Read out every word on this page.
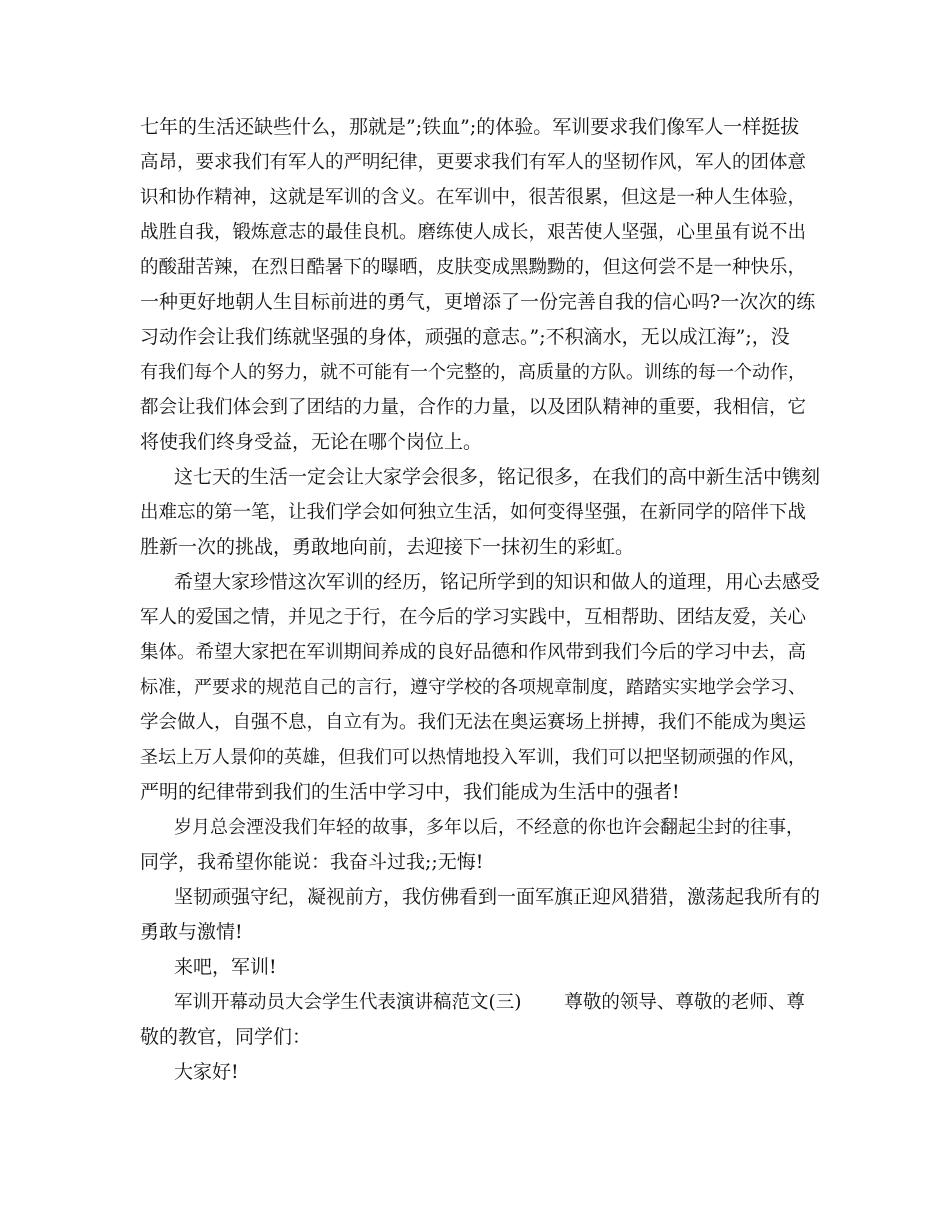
七年的生活还缺些什么，那就是”;铁血”;的体验。军训要求我们像军人一样挺拔
高昂，要求我们有军人的严明纪律，更要求我们有军人的坚韧作风，军人的团体意
识和协作精神，这就是军训的含义。在军训中，很苦很累，但这是一种人生体验，
战胜自我，锻炼意志的最佳良机。磨练使人成长，艰苦使人坚强，心里虽有说不出
的酸甜苦辣，在烈日酷暑下的曝晒，皮肤变成黑黝黝的，但这何尝不是一种快乐，
一种更好地朝人生目标前进的勇气，更增添了一份完善自我的信心吗?一次次的练
习动作会让我们练就坚强的身体，顽强的意志。”;不积滴水，无以成江海”;，没
有我们每个人的努力，就不可能有一个完整的，高质量的方队。训练的每一个动作，
都会让我们体会到了团结的力量，合作的力量，以及团队精神的重要，我相信，它
将使我们终身受益，无论在哪个岗位上。
这七天的生活一定会让大家学会很多，铭记很多，在我们的高中新生活中镌刻
出难忘的第一笔，让我们学会如何独立生活，如何变得坚强，在新同学的陪伴下战
胜新一次的挑战，勇敢地向前，去迎接下一抹初生的彩虹。
希望大家珍惜这次军训的经历，铭记所学到的知识和做人的道理，用心去感受
军人的爱国之情，并见之于行，在今后的学习实践中，互相帮助、团结友爱，关心
集体。希望大家把在军训期间养成的良好品德和作风带到我们今后的学习中去，高
标准，严要求的规范自己的言行，遵守学校的各项规章制度，踏踏实实地学会学习、
学会做人，自强不息，自立有为。我们无法在奥运赛场上拼搏，我们不能成为奥运
圣坛上万人景仰的英雄，但我们可以热情地投入军训，我们可以把坚韧顽强的作风，
严明的纪律带到我们的生活中学习中，我们能成为生活中的强者!
岁月总会湮没我们年轻的故事，多年以后，不经意的你也许会翻起尘封的往事，
同学，我希望你能说：我奋斗过我;;无悔!
坚韧顽强守纪，凝视前方，我仿佛看到一面军旗正迎风猎猎，激荡起我所有的
勇敢与激情!
来吧，军训!
军训开幕动员大会学生代表演讲稿范文(三)　　 尊敬的领导、尊敬的老师、尊
敬的教官，同学们：
大家好!
